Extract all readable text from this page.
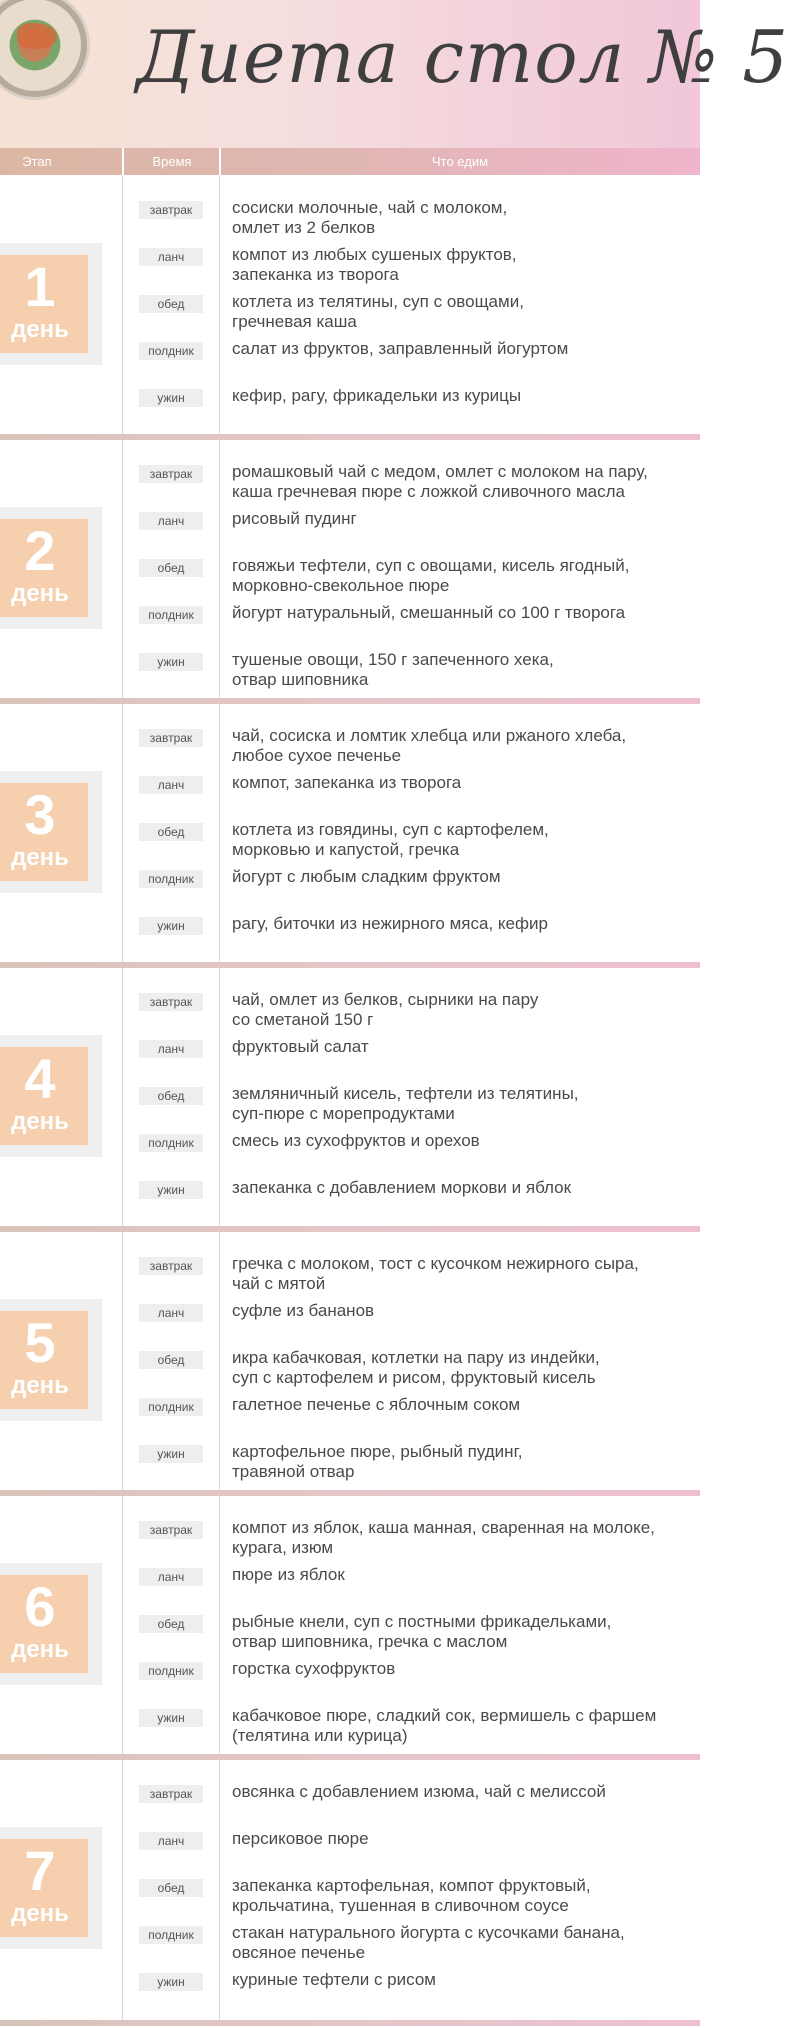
Диета стол № 5
Этап	Время	Что едим
1
день
завтрак	сосиски молочные, чай с молоком,
омлет из 2 белков
ланч	компот из любых сушеных фруктов,
запеканка из творога
обед	котлета из телятины, суп с овощами,
гречневая каша
полдник	салат из фруктов, заправленный йогуртом
ужин	кефир, рагу, фрикадельки из курицы
2
день
завтрак	ромашковый чай с медом, омлет с молоком на пару,
каша гречневая пюре с ложкой сливочного масла
ланч	рисовый пудинг
обед	говяжьи тефтели, суп с овощами, кисель ягодный,
морковно-свекольное пюре
полдник	йогурт натуральный, смешанный со 100 г творога
ужин	тушеные овощи, 150 г запеченного хека,
отвар шиповника
3
день
завтрак	чай, сосиска и ломтик хлебца или ржаного хлеба,
любое сухое печенье
ланч	компот, запеканка из творога
обед	котлета из говядины, суп с картофелем,
морковью и капустой, гречка
полдник	йогурт с любым сладким фруктом
ужин	рагу, биточки из нежирного мяса, кефир
4
день
завтрак	чай, омлет из белков, сырники на пару
со сметаной 150 г
ланч	фруктовый салат
обед	земляничный кисель, тефтели из телятины,
суп-пюре с морепродуктами
полдник	смесь из сухофруктов и орехов
ужин	запеканка с добавлением моркови и яблок
5
день
завтрак	гречка с молоком, тост с кусочком нежирного сыра,
чай с мятой
ланч	суфле из бананов
обед	икра кабачковая, котлетки на пару из индейки,
суп с картофелем и рисом, фруктовый кисель
полдник	галетное печенье с яблочным соком
ужин	картофельное пюре, рыбный пудинг,
травяной отвар
6
день
завтрак	компот из яблок, каша манная, сваренная на молоке,
курага, изюм
ланч	пюре из яблок
обед	рыбные кнели, суп с постными фрикадельками,
отвар шиповника, гречка с маслом
полдник	горстка сухофруктов
ужин	кабачковое пюре, сладкий сок, вермишель с фаршем
(телятина или курица)
7
день
завтрак	овсянка с добавлением изюма, чай с мелиссой
ланч	персиковое пюре
обед	запеканка картофельная, компот фруктовый,
крольчатина, тушенная в сливочном соусе
полдник	стакан натурального йогурта с кусочками банана,
овсяное печенье
ужин	куриные тефтели с рисом
